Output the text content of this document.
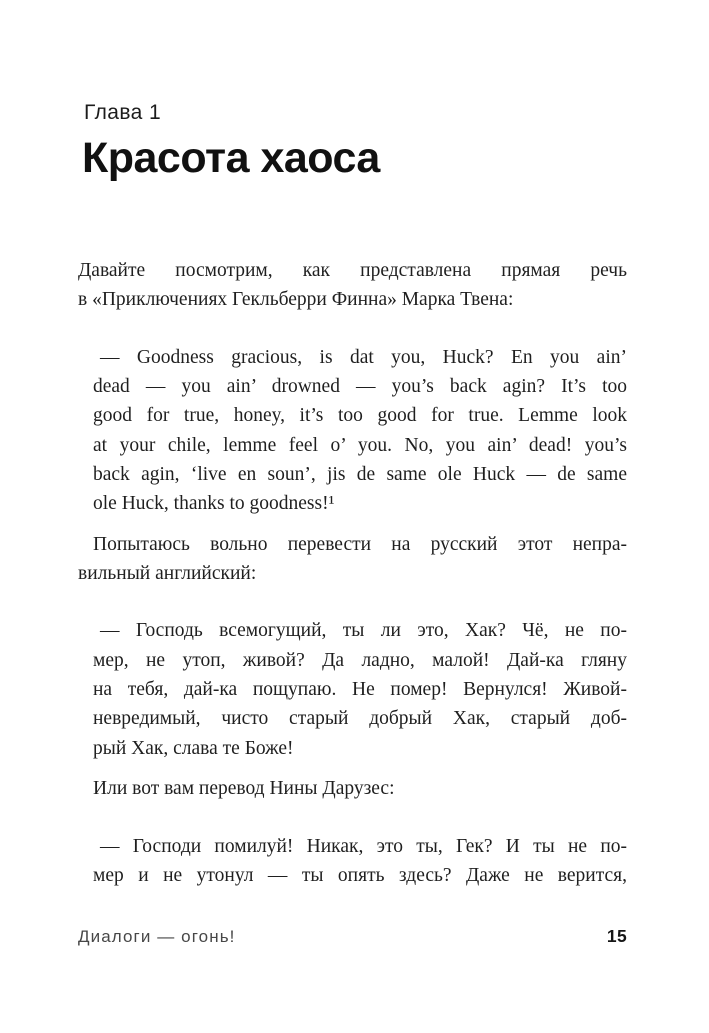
Глава 1
Красота хаоса
Давайте посмотрим, как представлена прямая речь
в «Приключениях Гекльберри Финна» Марка Твена:
— Goodness gracious, is dat you, Huck? En you ain’
dead — you ain’ drowned — you’s back agin? It’s too
good for true, honey, it’s too good for true. Lemme look
at your chile, lemme feel o’ you. No, you ain’ dead! you’s
back agin, ‘live en soun’, jis de same ole Huck — de same
ole Huck, thanks to goodness!¹
Попытаюсь вольно перевести на русский этот непра-
вильный английский:
— Господь всемогущий, ты ли это, Хак? Чё, не по-
мер, не утоп, живой? Да ладно, малой! Дай-ка гляну
на тебя, дай-ка пощупаю. Не помер! Вернулся! Живой-
невредимый, чисто старый добрый Хак, старый доб-
рый Хак, слава те Боже!
Или вот вам перевод Нины Дарузес:
— Господи помилуй! Никак, это ты, Гек? И ты не по-
мер и не утонул — ты опять здесь? Даже не верится,
Диалоги — огонь!	15
